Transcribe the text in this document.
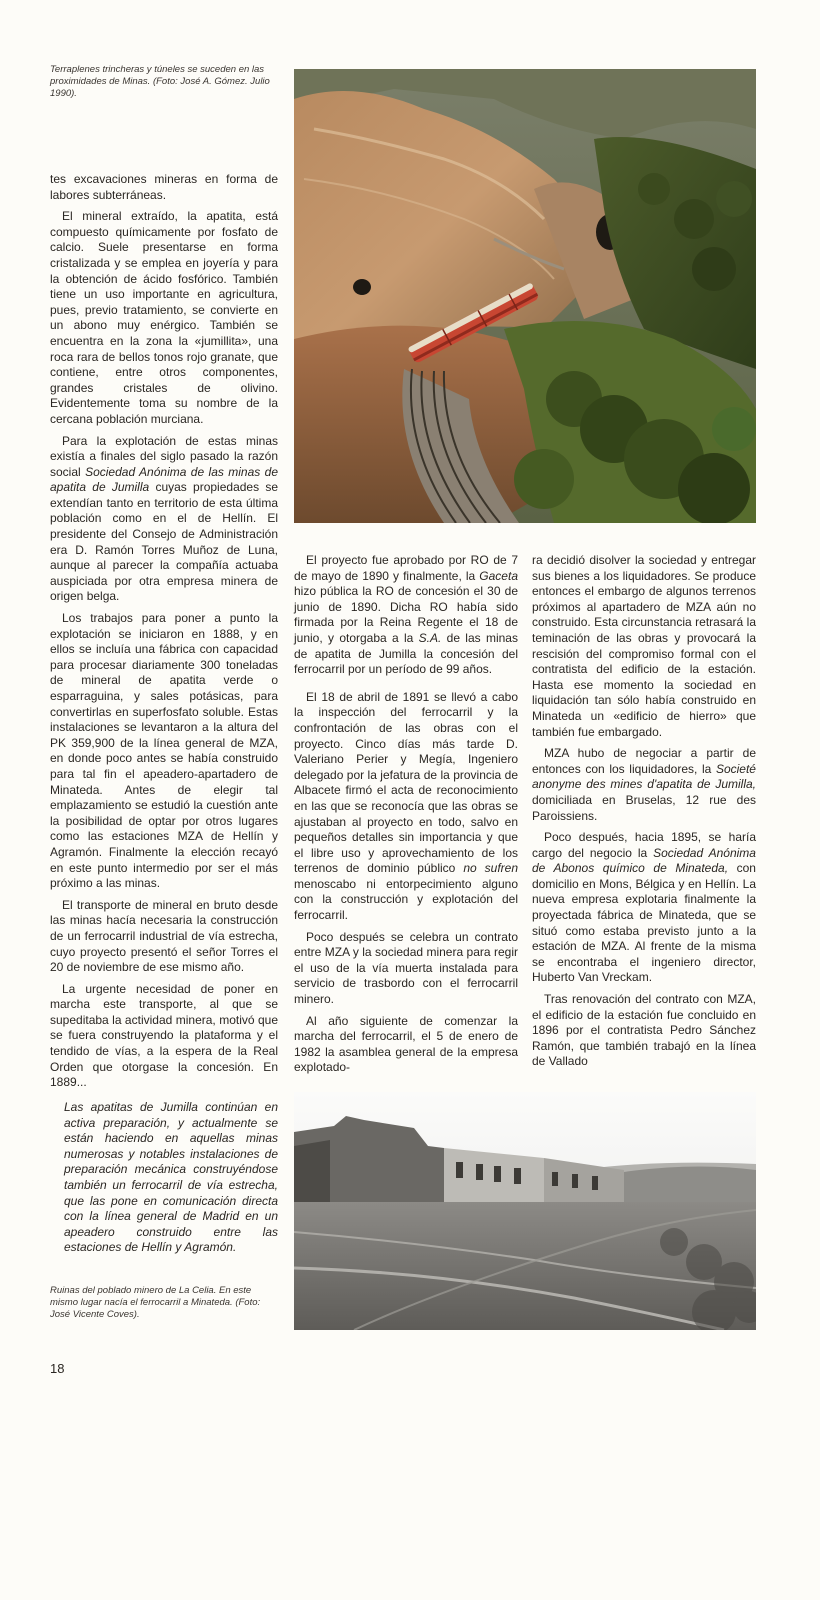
Terraplenes trincheras y túneles se suceden en las proximidades de Minas. (Foto: José A. Gómez. Julio 1990).

tes excavaciones mineras en forma de labores subterráneas.

El mineral extraído, la apatita, está compuesto químicamente por fosfato de calcio. Suele presentarse en forma cristalizada y se emplea en joyería y para la obtención de ácido fosfórico. También tiene un uso importante en agricultura, pues, previo tratamiento, se convierte en un abono muy enérgico. También se encuentra en la zona la «jumillita», una roca rara de bellos tonos rojo granate, que contiene, entre otros componentes, grandes cristales de olivino. Evidentemente toma su nombre de la cercana población murciana.

Para la explotación de estas minas existía a finales del siglo pasado la razón social Sociedad Anónima de las minas de apatita de Jumilla cuyas propiedades se extendían tanto en territorio de esta última población como en el de Hellín. El presidente del Consejo de Administración era D. Ramón Torres Muñoz de Luna, aunque al parecer la compañía actuaba auspiciada por otra empresa minera de origen belga.

Los trabajos para poner a punto la explotación se iniciaron en 1888, y en ellos se incluía una fábrica con capacidad para procesar diariamente 300 toneladas de mineral de apatita verde o esparraguina, y sales potásicas, para convertirlas en superfosfato soluble. Estas instalaciones se levantaron a la altura del PK 359,900 de la línea general de MZA, en donde poco antes se había construido para tal fin el apeadero-apartadero de Minateda. Antes de elegir tal emplazamiento se estudió la cuestión ante la posibilidad de optar por otros lugares como las estaciones MZA de Hellín y Agramón. Finalmente la elección recayó en este punto intermedio por ser el más próximo a las minas.

El transporte de mineral en bruto desde las minas hacía necesaria la construcción de un ferrocarril industrial de vía estrecha, cuyo proyecto presentó el señor Torres el 20 de noviembre de ese mismo año.

La urgente necesidad de poner en marcha este transporte, al que se supeditaba la actividad minera, motivó que se fuera construyendo la plataforma y el tendido de vías, a la espera de la Real Orden que otorgase la concesión. En 1889...

El proyecto fue aprobado por RO de 7 de mayo de 1890 y finalmente, la Gaceta hizo pública la RO de concesión el 30 de junio de 1890. Dicha RO había sido firmada por la Reina Regente el 18 de junio, y otorgaba a la S.A. de las minas de apatita de Jumilla la concesión del ferrocarril por un período de 99 años.

El 18 de abril de 1891 se llevó a cabo la inspección del ferrocarril y la confrontación de las obras con el proyecto. Cinco días más tarde D. Valeriano Perier y Megía, Ingeniero delegado por la jefatura de la provincia de Albacete firmó el acta de reconocimiento en las que se reconocía que las obras se ajustaban al proyecto en todo, salvo en pequeños detalles sin importancia y que el libre uso y aprovechamiento de los terrenos de dominio público no sufren menoscabo ni entorpecimiento alguno con la construcción y explotación del ferrocarril.

Poco después se celebra un contrato entre MZA y la sociedad minera para regir el uso de la vía muerta instalada para servicio de trasbordo con el ferrocarril minero.

Al año siguiente de comenzar la marcha del ferrocarril, el 5 de enero de 1982 la asamblea general de la empresa explotado-

ra decidió disolver la sociedad y entregar sus bienes a los liquidadores. Se produce entonces el embargo de algunos terrenos próximos al apartadero de MZA aún no construido. Esta circunstancia retrasará la teminación de las obras y provocará la rescisión del compromiso formal con el contratista del edificio de la estación. Hasta ese momento la sociedad en liquidación tan sólo había construido en Minateda un «edificio de hierro» que también fue embargado.

MZA hubo de negociar a partir de entonces con los liquidadores, la Societé anonyme des mines d'apatita de Jumilla, domiciliada en Bruselas, 12 rue des Paroissiens.

Poco después, hacia 1895, se haría cargo del negocio la Sociedad Anónima de Abonos químico de Minateda, con domicilio en Mons, Bélgica y en Hellín. La nueva empresa explotaria finalmente la proyectada fábrica de Minateda, que se situó como estaba previsto junto a la estación de MZA. Al frente de la misma se encontraba el ingeniero director, Huberto Van Vreckam.

Tras renovación del contrato con MZA, el edificio de la estación fue concluido en 1896 por el contratista Pedro Sánchez Ramón, que también trabajó en la línea de Vallado

Las apatitas de Jumilla continúan en activa preparación, y actualmente se están haciendo en aquellas minas numerosas y notables instalaciones de preparación mecánica construyéndose también un ferrocarril de vía estrecha, que las pone en comunicación directa con la línea general de Madrid en un apeadero construido entre las estaciones de Hellín y Agramón.
Ruinas del poblado minero de La Celia. En este mismo lugar nacía el ferrocarril a Minateda. (Foto: José Vicente Coves).
18
